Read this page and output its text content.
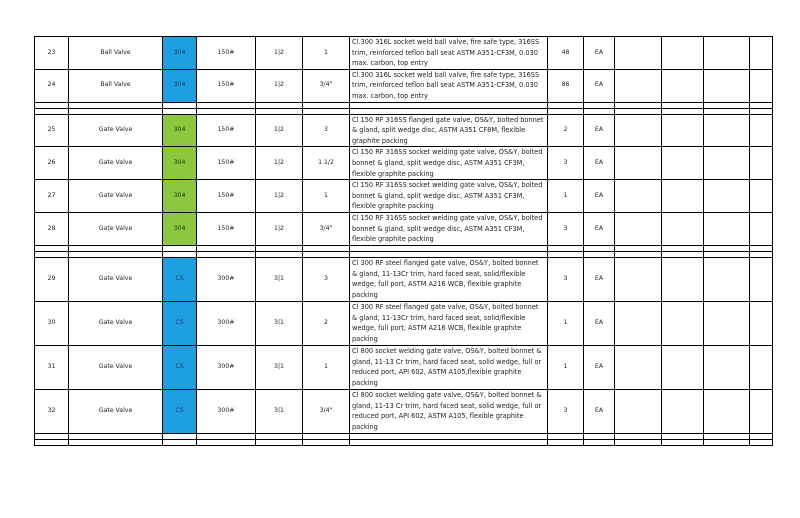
23	Ball Valve	304	150#	1|2	1	Cl.300 316L socket weld ball valve, fire safe type, 316SS trim, reinforced teflon ball seat ASTM A351-CF3M, 0.030 max. carbon, top entry	48	EA				
24	Ball Valve	304	150#	1|2	3/4"	Cl.300 316L socket weld ball valve, fire safe type, 316SS trim, reinforced teflon ball seat ASTM A351-CF3M, 0.030 max. carbon, top entry	86	EA				

25	Gate Valve	304	150#	1|2	3	Cl 150 RF 316SS flanged gate valve, OS&Y, bolted bonnet & gland, split wedge disc, ASTM A351 CF8M, flexible graphite packing	2	EA				
26	Gate Valve	304	150#	1|2	1 1/2	Cl 150 RF 316SS socket welding gate valve, OS&Y, bolted bonnet & gland, split wedge disc, ASTM A351 CF3M, flexible graphite packing	3	EA				
27	Gate Valve	304	150#	1|2	1	Cl 150 RF 316SS socket welding gate valve, OS&Y, bolted bonnet & gland, split wedge disc, ASTM A351 CF3M, flexible graphite packing	1	EA				
28	Gate Valve	304	150#	1|2	3/4"	Cl 150 RF 316SS socket welding gate valve, OS&Y, bolted bonnet & gland, split wedge disc, ASTM A351 CF3M, flexible graphite packing	3	EA				

29	Gate Valve	CS	300#	3|1	3	Cl 300 RF steel flanged gate valve, OS&Y, bolted bonnet & gland, 11-13Cr trim, hard faced seat, solid/flexible wedge, full port, ASTM A216 WCB, flexible graphite packing	3	EA				
30	Gate Valve	CS	300#	3|1	2	Cl 300 RF steel flanged gate valve, OS&Y, bolted bonnet & gland, 11-13Cr trim, hard faced seat, solid/flexible wedge, full port, ASTM A216 WCB, flexible graphite packing	1	EA				
31	Gate Valve	CS	300#	3|1	1	Cl 800 socket welding gate valve, OS&Y, bolted bonnet & gland, 11-13 Cr trim, hard faced seat, solid wedge, full or reduced port, API 602, ASTM A105,flexible graphite packing	1	EA				
32	Gate Valve	CS	300#	3|1	3/4"	Cl 800 socket welding gate valve, OS&Y, bolted bonnet & gland, 11-13 Cr trim, hard faced seat, solid wedge, full or reduced port, API 602, ASTM A105, flexible graphite packing	3	EA				
